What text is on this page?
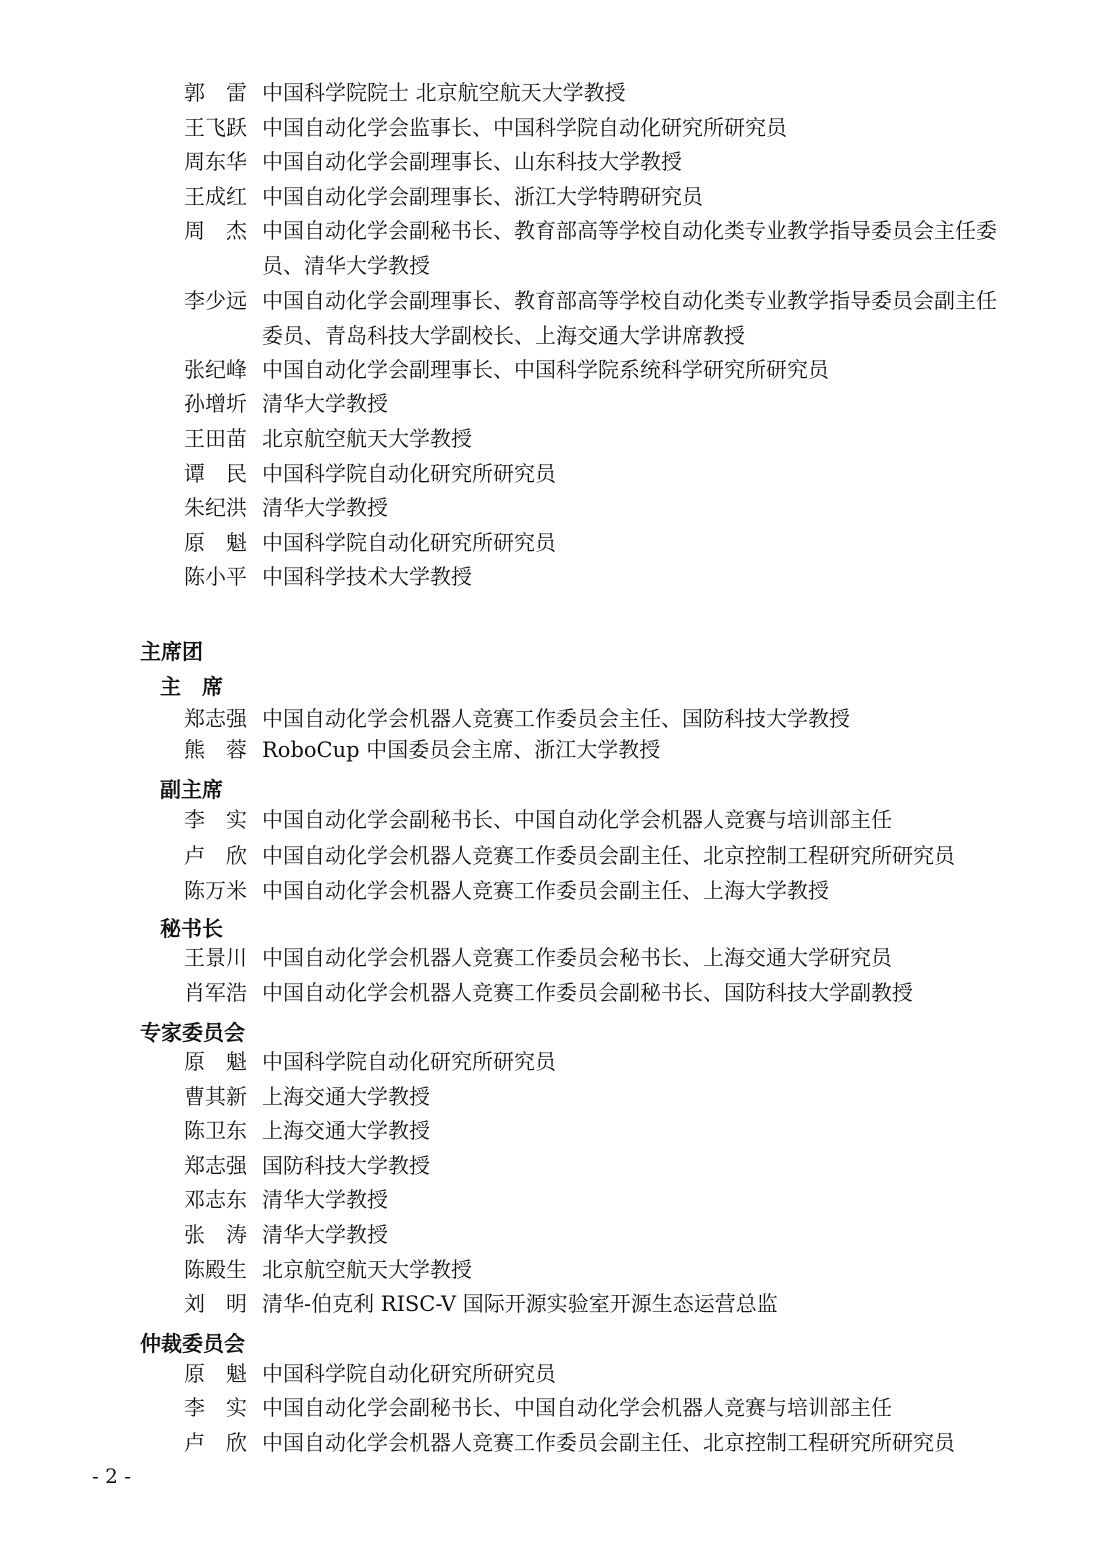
郭　雷 中国科学院院士 北京航空航天大学教授
王飞跃 中国自动化学会监事长、中国科学院自动化研究所研究员
周东华 中国自动化学会副理事长、山东科技大学教授
王成红 中国自动化学会副理事长、浙江大学特聘研究员
周　杰 中国自动化学会副秘书长、教育部高等学校自动化类专业教学指导委员会主任委员、清华大学教授
李少远 中国自动化学会副理事长、教育部高等学校自动化类专业教学指导委员会副主任委员、青岛科技大学副校长、上海交通大学讲席教授
张纪峰 中国自动化学会副理事长、中国科学院系统科学研究所研究员
孙增圻 清华大学教授
王田苗 北京航空航天大学教授
谭　民 中国科学院自动化研究所研究员
朱纪洪 清华大学教授
原　魁 中国科学院自动化研究所研究员
陈小平 中国科学技术大学教授
主席团
主　席
郑志强 中国自动化学会机器人竞赛工作委员会主任、国防科技大学教授
熊　蓉 RoboCup 中国委员会主席、浙江大学教授
副主席
李　实 中国自动化学会副秘书长、中国自动化学会机器人竞赛与培训部主任
卢　欣 中国自动化学会机器人竞赛工作委员会副主任、北京控制工程研究所研究员
陈万米 中国自动化学会机器人竞赛工作委员会副主任、上海大学教授
秘书长
王景川 中国自动化学会机器人竞赛工作委员会秘书长、上海交通大学研究员
肖军浩 中国自动化学会机器人竞赛工作委员会副秘书长、国防科技大学副教授
专家委员会
原　魁 中国科学院自动化研究所研究员
曹其新 上海交通大学教授
陈卫东 上海交通大学教授
郑志强 国防科技大学教授
邓志东 清华大学教授
张　涛 清华大学教授
陈殿生 北京航空航天大学教授
刘　明 清华-伯克利 RISC-V 国际开源实验室开源生态运营总监
仲裁委员会
原　魁 中国科学院自动化研究所研究员
李　实 中国自动化学会副秘书长、中国自动化学会机器人竞赛与培训部主任
卢　欣 中国自动化学会机器人竞赛工作委员会副主任、北京控制工程研究所研究员
- 2 -
